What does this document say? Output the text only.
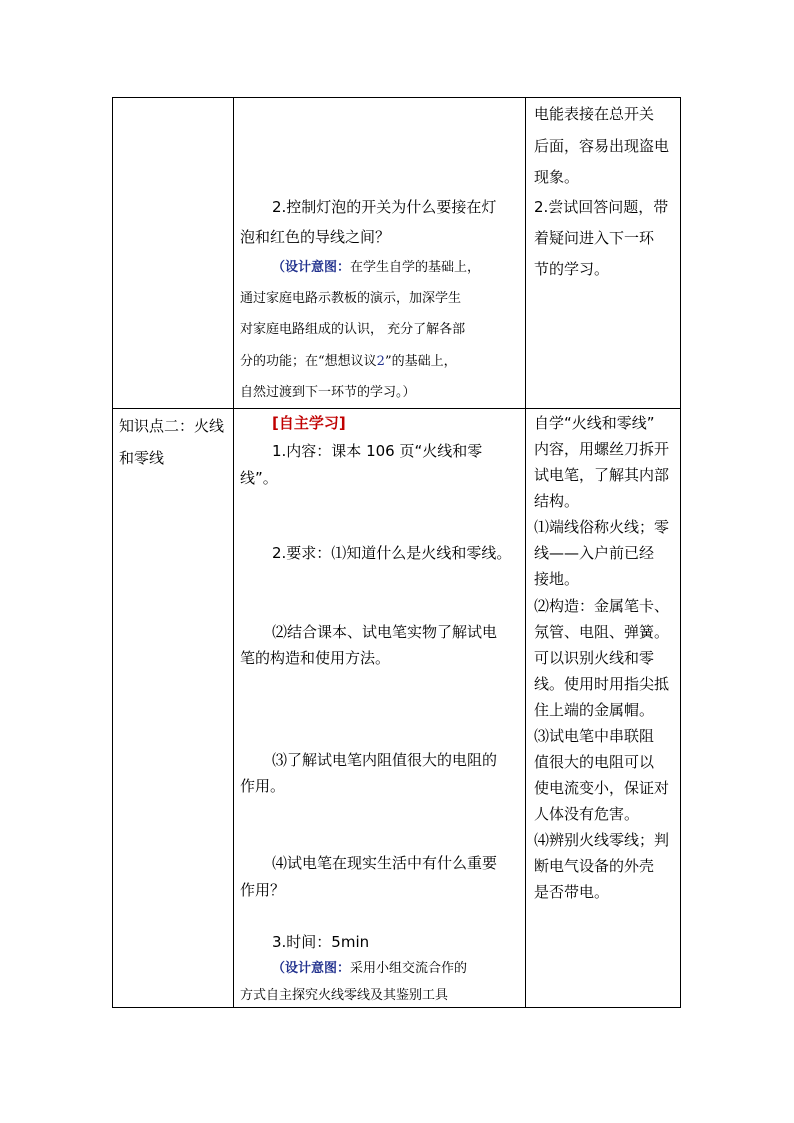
2.控制灯泡的开关为什么要接在灯
泡和红色的导线之间？
（设计意图：在学生自学的基础上，
通过家庭电路示教板的演示，加深学生
对家庭电路组成的认识， 充分了解各部
分的功能；在“想想议议2”的基础上，
自然过渡到下一环节的学习。）
电能表接在总开关
后面，容易出现盗电
现象。
2.尝试回答问题，带
着疑问进入下一环
节的学习。
知识点二：火线
和零线
[自主学习]
1.内容：课本 106 页“火线和零
线”。
2.要求：⑴知道什么是火线和零线。
⑵结合课本、试电笔实物了解试电
笔的构造和使用方法。
⑶了解试电笔内阻值很大的电阻的
作用。
⑷试电笔在现实生活中有什么重要
作用？
3.时间：5min
（设计意图：采用小组交流合作的
方式自主探究火线零线及其鉴别工具
自学“火线和零线”
内容，用螺丝刀拆开
试电笔，了解其内部
结构。
⑴端线俗称火线；零
线——入户前已经
接地。
⑵构造：金属笔卡、
氖管、电阻、弹簧。
可以识别火线和零
线。使用时用指尖抵
住上端的金属帽。
⑶试电笔中串联阻
值很大的电阻可以
使电流变小，保证对
人体没有危害。
⑷辨别火线零线；判
断电气设备的外壳
是否带电。
